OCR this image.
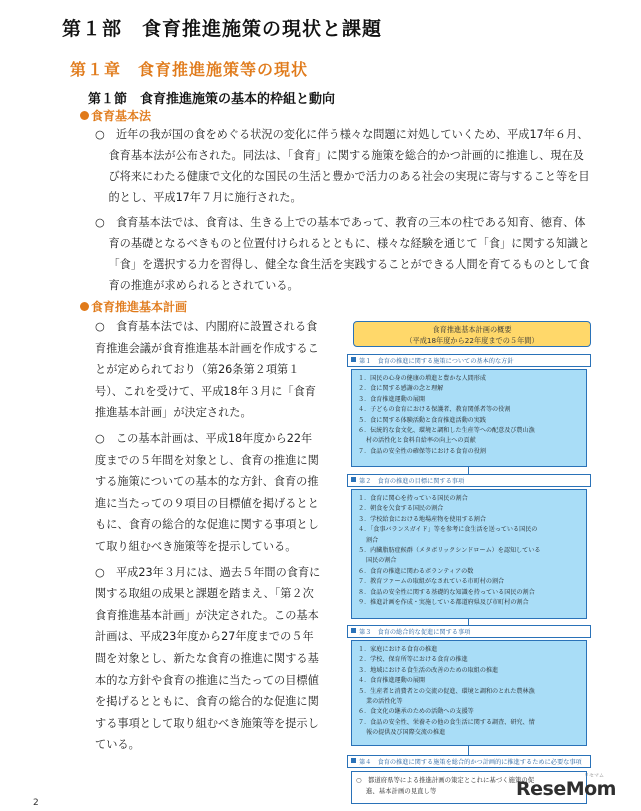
第１部　食育推進施策の現状と課題
第１章　食育推進施策等の現状
第１節　食育推進施策の基本的枠組と動向
食育基本法

○　近年の我が国の食をめぐる状況の変化に伴う様々な問題に対処していくため、平成17年６月、食育基本法が公布された。同法は、「食育」に関する施策を総合的かつ計画的に推進し、現在及び将来にわたる健康で文化的な国民の生活と豊かで活力のある社会の実現に寄与すること等を目的とし、平成17年７月に施行された。

○　食育基本法では、食育は、生きる上での基本であって、教育の三本の柱である知育、徳育、体育の基礎となるべきものと位置付けられるとともに、様々な経験を通じて「食」に関する知識と「食」を選択する力を習得し、健全な食生活を実践することができる人間を育てるものとして食育の推進が求められるとされている。

食育推進基本計画

○　食育基本法では、内閣府に設置される食育推進会議が食育推進基本計画を作成することが定められており（第26条第２項第１号）、これを受けて、平成18年３月に「食育推進基本計画」が決定された。

○　この基本計画は、平成18年度から22年度までの５年間を対象とし、食育の推進に関する施策についての基本的な方針、食育の推進に当たっての９項目の目標値を掲げるとともに、食育の総合的な促進に関する事項として取り組むべき施策等を提示している。

○　平成23年３月には、過去５年間の食育に関する取組の成果と課題を踏まえ、「第２次食育推進基本計画」が決定された。この基本計画は、平成23年度から27年度までの５年間を対象とし、新たな食育の推進に関する基本的な方針や食育の推進に当たっての目標値を掲げるとともに、食育の総合的な促進に関する事項として取り組むべき施策等を提示している。

食育推進基本計画の概要
（平成18年度から22年度までの５年間）
第１　食育の推進に関する施策についての基本的な方針
１．国民の心身の健康の増進と豊かな人間形成
２．食に関する感謝の念と理解
３．食育推進運動の展開
４．子どもの食育における保護者、教育関係者等の役割
５．食に関する体験活動と食育推進活動の実践
６．伝統的な食文化、環境と調和した生産等への配意及び農山漁
村の活性化と食料自給率の向上への貢献
７．食品の安全性の確保等における食育の役割
第２　食育の推進の目標に関する事項
１．食育に関心を持っている国民の割合
２．朝食を欠食する国民の割合
３．学校給食における地場産物を使用する割合
４．「食事バランスガイド」等を参考に食生活を送っている国民の
割合
５．内臓脂肪症候群（メタボリックシンドローム）を認知している
国民の割合
６．食育の推進に関わるボランティアの数
７．教育ファームの取組がなされている市町村の割合
８．食品の安全性に関する基礎的な知識を持っている国民の割合
９．推進計画を作成・実施している都道府県及び市町村の割合
第３　食育の総合的な促進に関する事項
１．家庭における食育の推進
２．学校、保育所等における食育の推進
３．地域における食生活の改善のための取組の推進
４．食育推進運動の展開
５．生産者と消費者との交流の促進、環境と調和のとれた農林漁
業の活性化等
６．食文化の継承のための活動への支援等
７．食品の安全性、栄養その他の食生活に関する調査、研究、情
報の提供及び国際交流の推進
第４　食育の推進に関する施策を総合的かつ計画的に推進するために必要な事項
○　都道府県等による推進計画の策定とこれに基づく施策の促
進、基本計画の見直し等
2
リセマム
ReseMom
